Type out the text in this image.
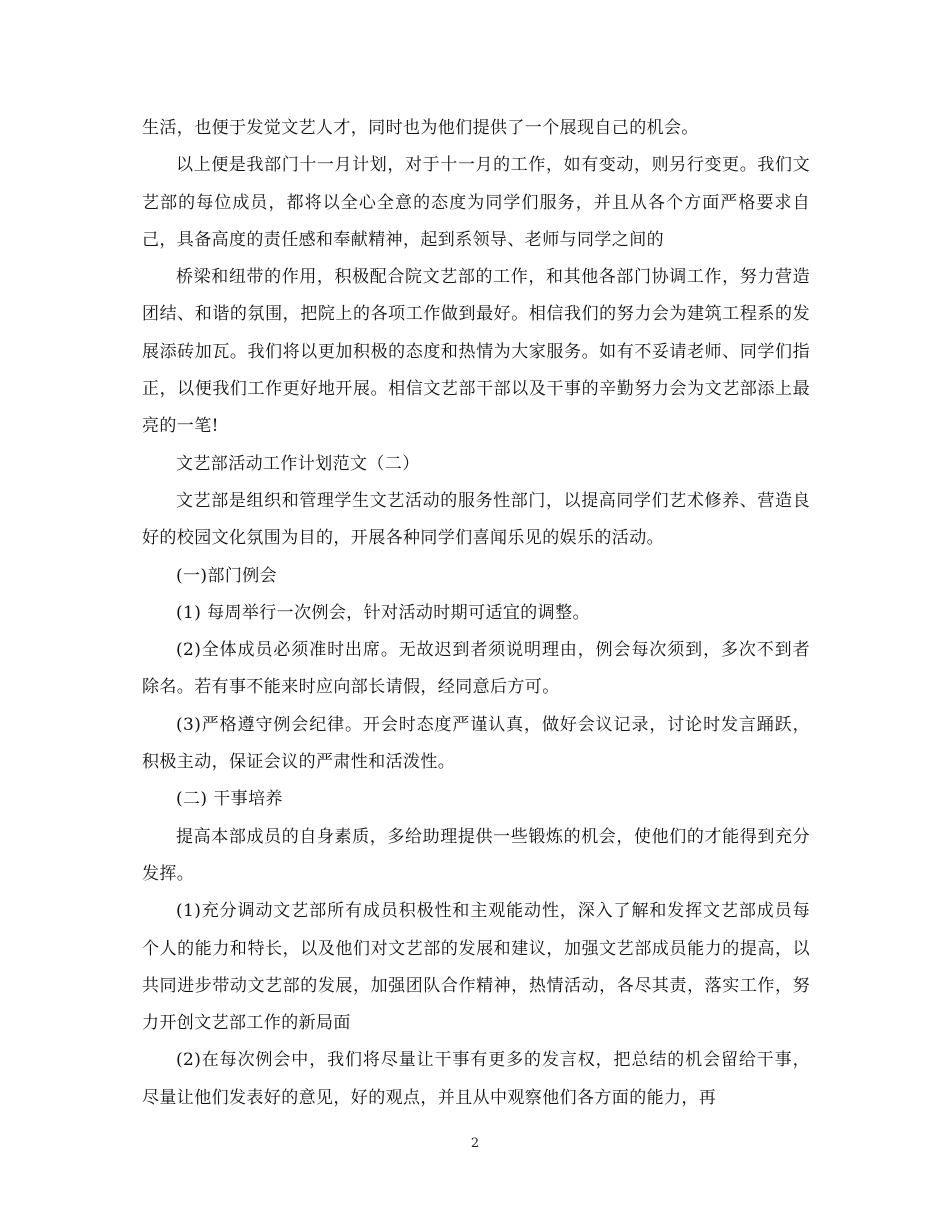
生活，也便于发觉文艺人才，同时也为他们提供了一个展现自己的机会。

以上便是我部门十一月计划，对于十一月的工作，如有变动，则另行变更。我们文艺部的每位成员，都将以全心全意的态度为同学们服务，并且从各个方面严格要求自己，具备高度的责任感和奉献精神，起到系领导、老师与同学之间的

桥梁和纽带的作用，积极配合院文艺部的工作，和其他各部门协调工作，努力营造团结、和谐的氛围，把院上的各项工作做到最好。相信我们的努力会为建筑工程系的发展添砖加瓦。我们将以更加积极的态度和热情为大家服务。如有不妥请老师、同学们指正，以便我们工作更好地开展。相信文艺部干部以及干事的辛勤努力会为文艺部添上最亮的一笔!

文艺部活动工作计划范文（二）

文艺部是组织和管理学生文艺活动的服务性部门，以提高同学们艺术修养、营造良好的校园文化氛围为目的，开展各种同学们喜闻乐见的娱乐的活动。

(一)部门例会

(1) 每周举行一次例会，针对活动时期可适宜的调整。

(2)全体成员必须准时出席。无故迟到者须说明理由，例会每次须到，多次不到者除名。若有事不能来时应向部长请假，经同意后方可。

(3)严格遵守例会纪律。开会时态度严谨认真，做好会议记录，讨论时发言踊跃，积极主动，保证会议的严肃性和活泼性。

(二) 干事培养

提高本部成员的自身素质，多给助理提供一些锻炼的机会，使他们的才能得到充分发挥。

(1)充分调动文艺部所有成员积极性和主观能动性，深入了解和发挥文艺部成员每个人的能力和特长，以及他们对文艺部的发展和建议，加强文艺部成员能力的提高，以共同进步带动文艺部的发展，加强团队合作精神，热情活动，各尽其责，落实工作，努力开创文艺部工作的新局面

(2)在每次例会中，我们将尽量让干事有更多的发言权，把总结的机会留给干事，尽量让他们发表好的意见，好的观点，并且从中观察他们各方面的能力，再

2
